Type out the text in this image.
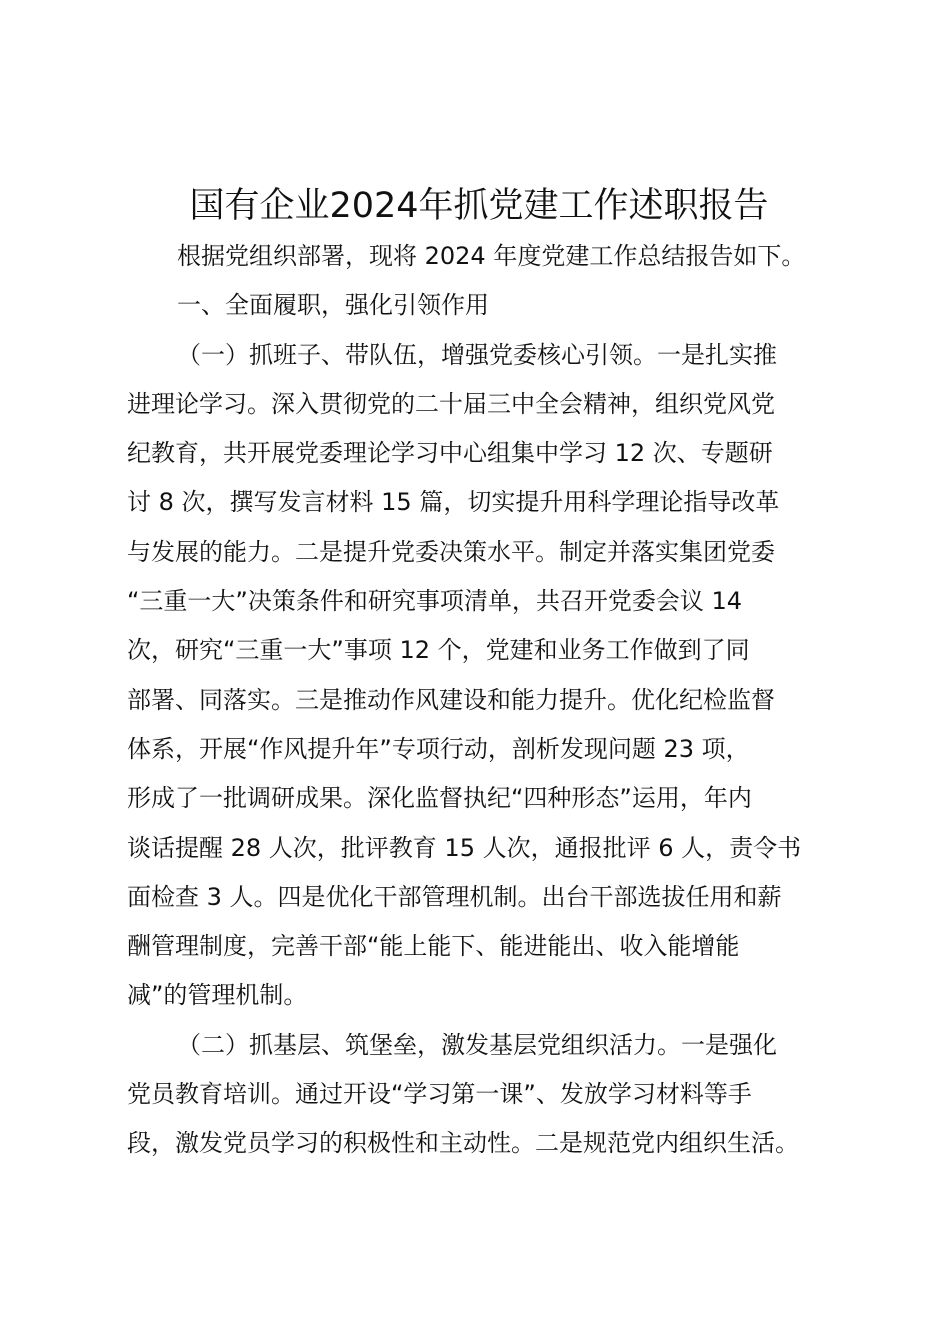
国有企业2024年抓党建工作述职报告
根据党组织部署，现将 2024 年度党建工作总结报告如下。
一、全面履职，强化引领作用
（一）抓班子、带队伍，增强党委核心引领。一是扎实推
进理论学习。深入贯彻党的二十届三中全会精神，组织党风党
纪教育，共开展党委理论学习中心组集中学习 12 次、专题研
讨 8 次，撰写发言材料 15 篇，切实提升用科学理论指导改革
与发展的能力。二是提升党委决策水平。制定并落实集团党委
“三重一大”决策条件和研究事项清单，共召开党委会议 14
次，研究“三重一大”事项 12 个，党建和业务工作做到了同
部署、同落实。三是推动作风建设和能力提升。优化纪检监督
体系，开展“作风提升年”专项行动，剖析发现问题 23 项，
形成了一批调研成果。深化监督执纪“四种形态”运用，年内
谈话提醒 28 人次，批评教育 15 人次，通报批评 6 人，责令书
面检查 3 人。四是优化干部管理机制。出台干部选拔任用和薪
酬管理制度，完善干部“能上能下、能进能出、收入能增能
减”的管理机制。
（二）抓基层、筑堡垒，激发基层党组织活力。一是强化
党员教育培训。通过开设“学习第一课”、发放学习材料等手
段，激发党员学习的积极性和主动性。二是规范党内组织生活。
